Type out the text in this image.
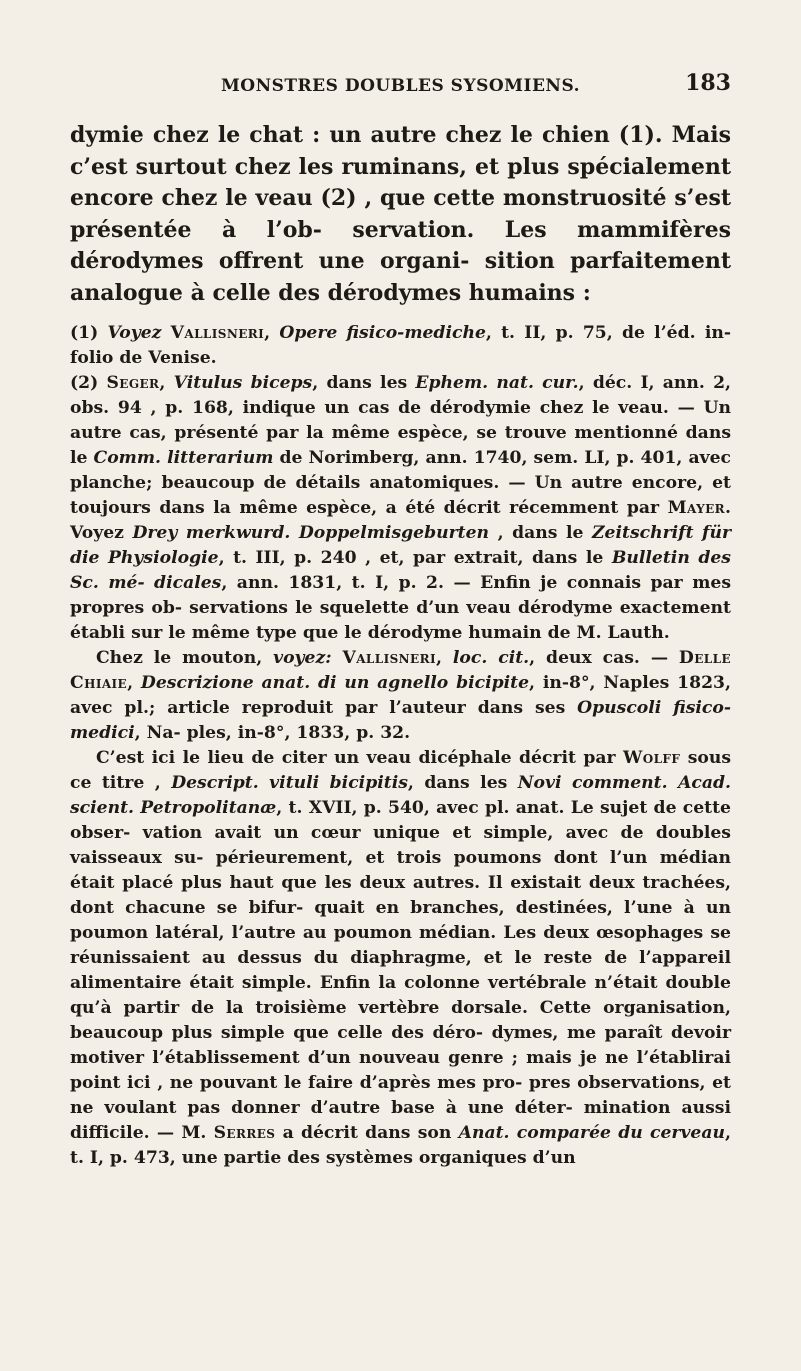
MONSTRES DOUBLES SYSOMIENS.	183

dymie chez le chat : un autre chez le chien (1). Mais c’est surtout chez les ruminans, et plus spécialement encore chez le veau (2) , que cette monstruosité s’est présentée à l’ob- servation. Les mammifères dérodymes offrent une organi- sition parfaitement analogue à celle des dérodymes humains :

(1) Voyez Vallisneri, Opere fisico-mediche, t. II, p. 75, de l’éd. in-folio de Venise.

(2) Seger, Vitulus biceps, dans les Ephem. nat. cur., déc. I, ann. 2, obs. 94 , p. 168, indique un cas de dérodymie chez le veau. — Un autre cas, présenté par la même espèce, se trouve mentionné dans le Comm. litterarium de Norimberg, ann. 1740, sem. LI, p. 401, avec planche; beaucoup de détails anatomiques. — Un autre encore, et toujours dans la même espèce, a été décrit récemment par Mayer. Voyez Drey merkwurd. Doppelmisgeburten , dans le Zeitschrift für die Physiologie, t. III, p. 240 , et, par extrait, dans le Bulletin des Sc. mé- dicales, ann. 1831, t. I, p. 2. — Enfin je connais par mes propres ob- servations le squelette d’un veau dérodyme exactement établi sur le même type que le dérodyme humain de M. Lauth.

Chez le mouton, voyez: Vallisneri, loc. cit., deux cas. — Delle Chiaie, Descrizione anat. di un agnello bicipite, in-8°, Naples 1823, avec pl.; article reproduit par l’auteur dans ses Opuscoli fisico-medici, Na- ples, in-8°, 1833, p. 32.

C’est ici le lieu de citer un veau dicéphale décrit par Wolff sous ce titre , Descript. vituli bicipitis, dans les Novi comment. Acad. scient. Petropolitanæ, t. XVII, p. 540, avec pl. anat. Le sujet de cette obser- vation avait un cœur unique et simple, avec de doubles vaisseaux su- périeurement, et trois poumons dont l’un médian était placé plus haut que les deux autres. Il existait deux trachées, dont chacune se bifur- quait en branches, destinées, l’une à un poumon latéral, l’autre au poumon médian. Les deux œsophages se réunissaient au dessus du diaphragme, et le reste de l’appareil alimentaire était simple. Enfin la colonne vertébrale n’était double qu’à partir de la troisième vertèbre dorsale. Cette organisation, beaucoup plus simple que celle des déro- dymes, me paraît devoir motiver l’établissement d’un nouveau genre ; mais je ne l’établirai point ici , ne pouvant le faire d’après mes pro- pres observations, et ne voulant pas donner d’autre base à une déter- mination aussi difficile. — M. Serres a décrit dans son Anat. comparée du cerveau, t. I, p. 473, une partie des systèmes organiques d’un
